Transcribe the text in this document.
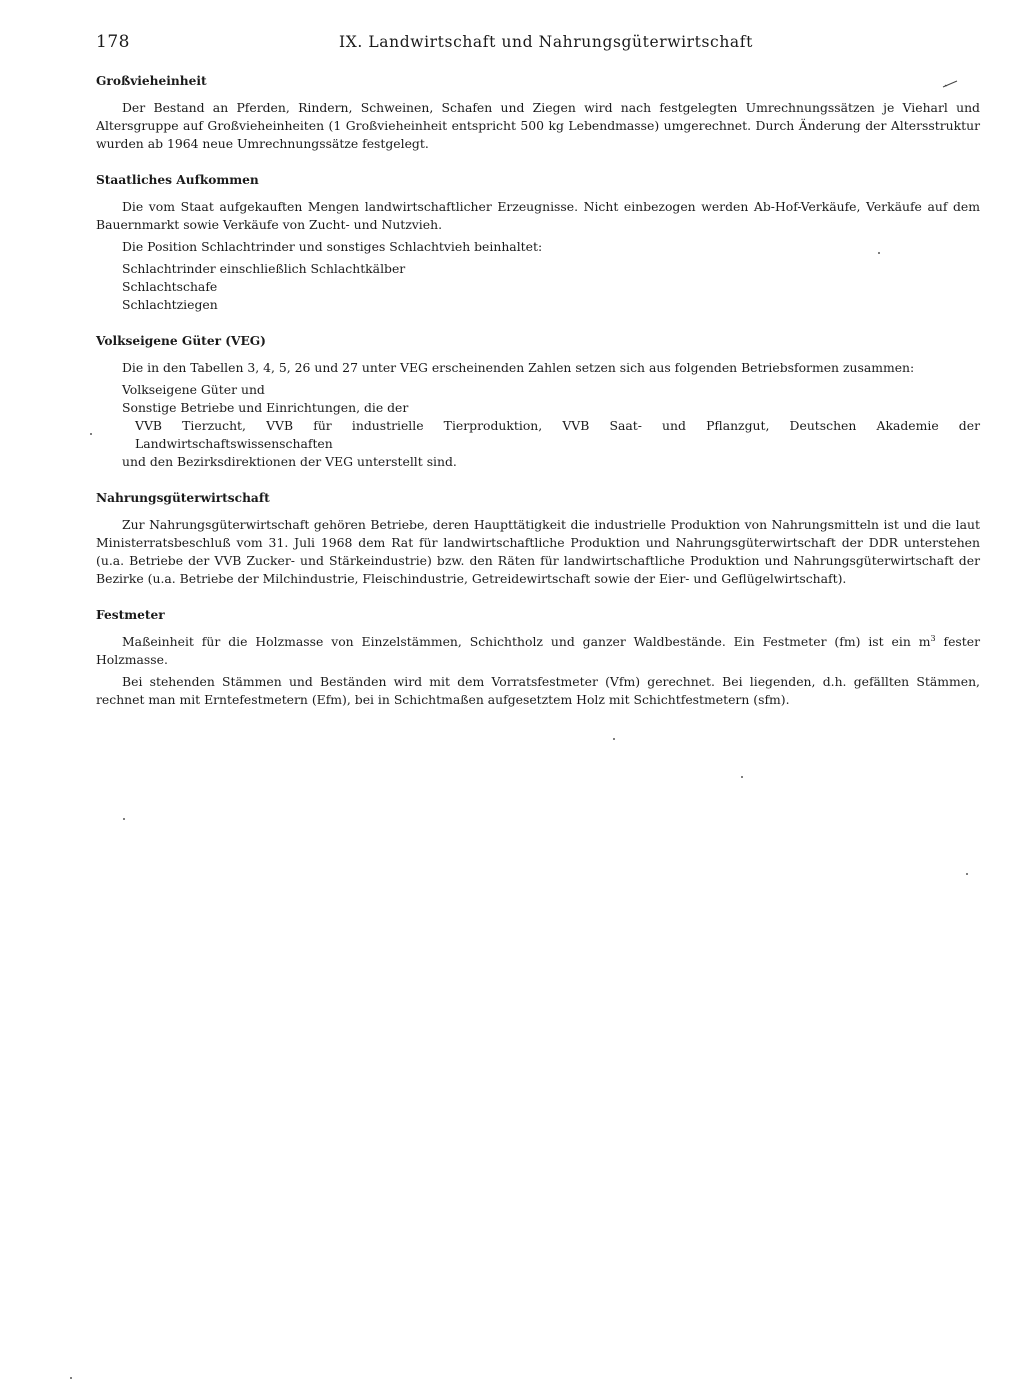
178	IX. Landwirtschaft und Nahrungsgüterwirtschaft
Großvieheinheit

Der Bestand an Pferden, Rindern, Schweinen, Schafen und Ziegen wird nach festgelegten Umrechnungssätzen je Vieharl und Altersgruppe auf Großvieheinheiten (1 Großvieheinheit entspricht 500 kg Lebendmasse) umgerechnet. Durch Änderung der Altersstruktur wurden ab 1964 neue Umrechnungssätze festgelegt.

Staatliches Aufkommen

Die vom Staat aufgekauften Mengen landwirtschaftlicher Erzeugnisse. Nicht einbezogen werden Ab-Hof-Verkäufe, Verkäufe auf dem Bauernmarkt sowie Verkäufe von Zucht- und Nutzvieh.

Die Position Schlachtrinder und sonstiges Schlachtvieh beinhaltet:

Schlachtrinder einschließlich Schlachtkälber
Schlachtschafe
Schlachtziegen
Volkseigene Güter (VEG)

Die in den Tabellen 3, 4, 5, 26 und 27 unter VEG erscheinenden Zahlen setzen sich aus folgenden Betriebsformen zusammen:

Volkseigene Güter und
Sonstige Betriebe und Einrichtungen, die der
VVB Tierzucht, VVB für industrielle Tierproduktion, VVB Saat- und Pflanzgut, Deutschen Akademie der Landwirtschaftswissenschaften
und den Bezirksdirektionen der VEG unterstellt sind.
Nahrungsgüterwirtschaft

Zur Nahrungsgüterwirtschaft gehören Betriebe, deren Haupttätigkeit die industrielle Produktion von Nahrungsmitteln ist und die laut Ministerratsbeschluß vom 31. Juli 1968 dem Rat für landwirtschaftliche Produktion und Nahrungsgüterwirtschaft der DDR unterstehen (u.a. Betriebe der VVB Zucker- und Stärkeindustrie) bzw. den Räten für landwirtschaftliche Produktion und Nahrungsgüterwirtschaft der Bezirke (u.a. Betriebe der Milchindustrie, Fleischindustrie, Getreidewirtschaft sowie der Eier- und Geflügelwirtschaft).

Festmeter

Maßeinheit für die Holzmasse von Einzelstämmen, Schichtholz und ganzer Waldbestände. Ein Festmeter (fm) ist ein $m^3$ fester Holzmasse.

Bei stehenden Stämmen und Beständen wird mit dem Vorratsfestmeter (Vfm) gerechnet. Bei liegenden, d.h. gefällten Stämmen, rechnet man mit Erntefestmetern (Efm), bei in Schichtmaßen aufgesetztem Holz mit Schichtfestmetern (sfm).
